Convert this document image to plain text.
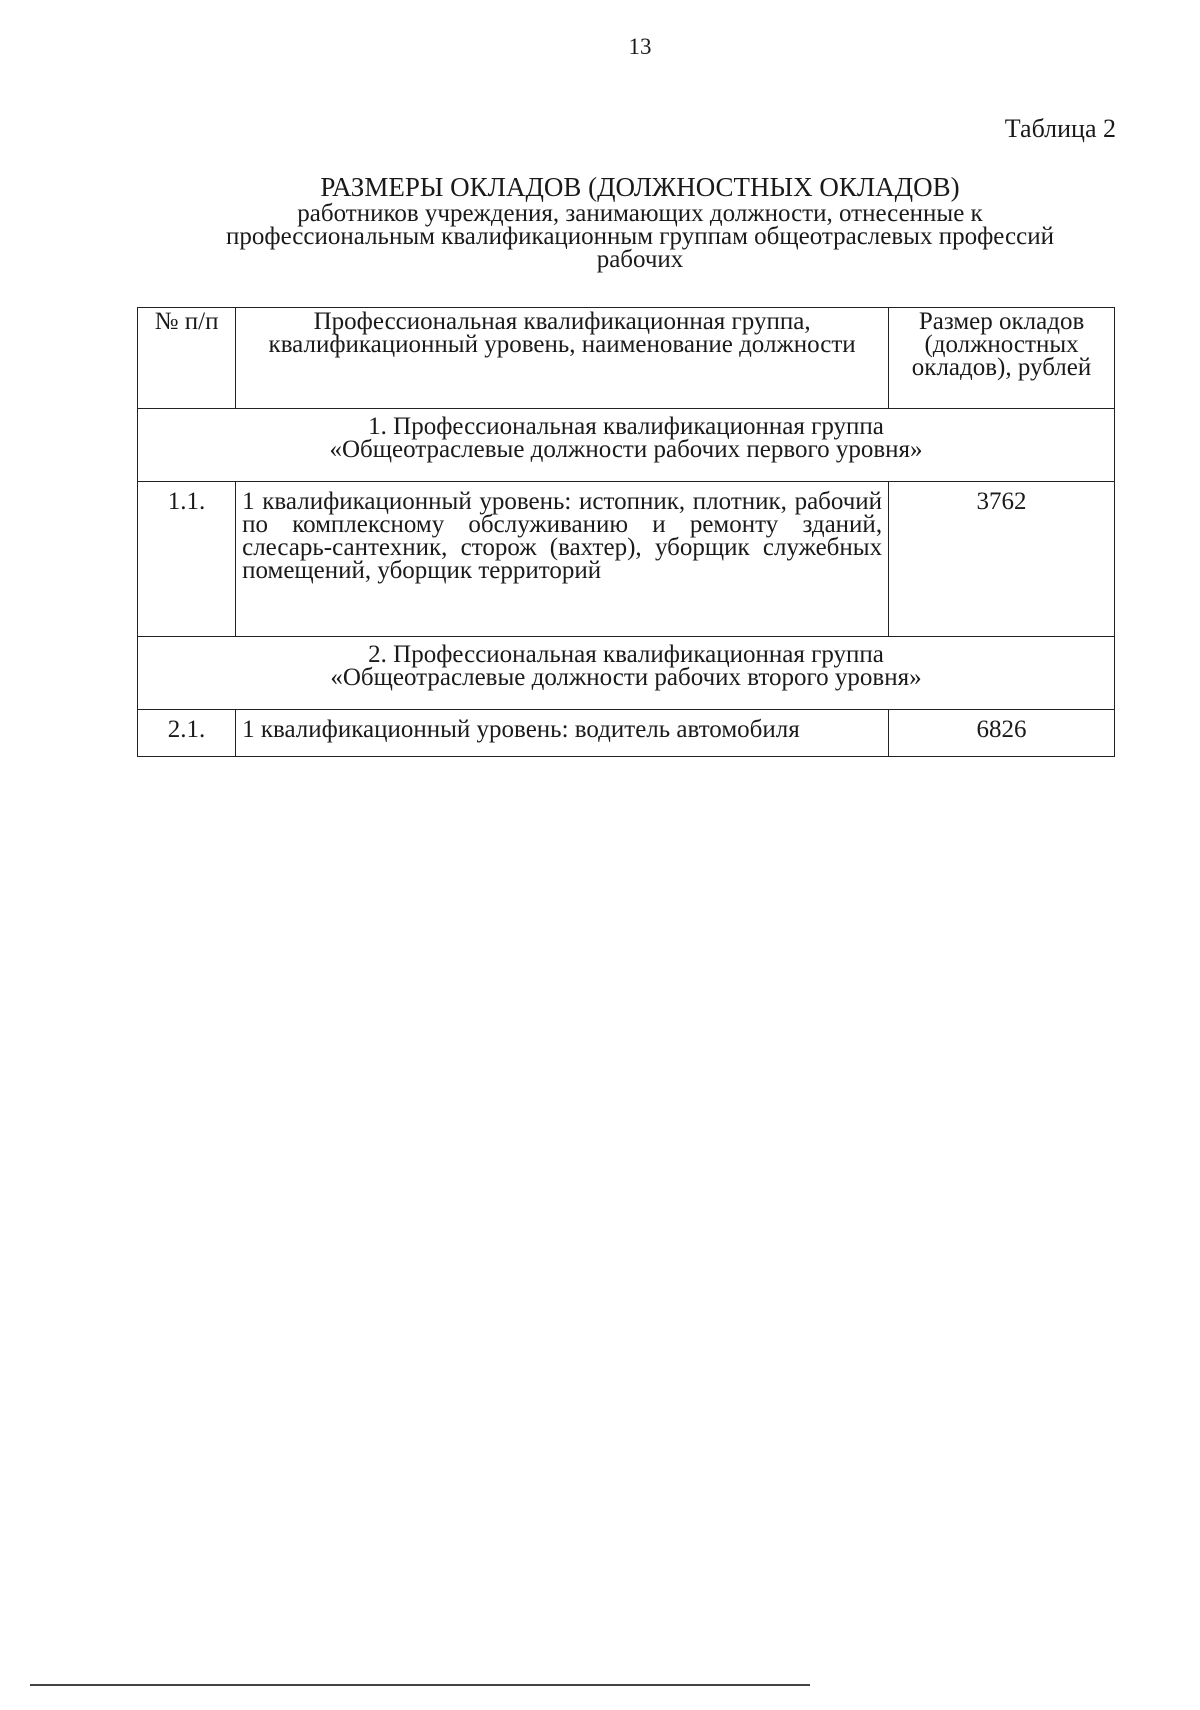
13
Таблица 2
РАЗМЕРЫ ОКЛАДОВ (ДОЛЖНОСТНЫХ ОКЛАДОВ)
работников учреждения, занимающих должности, отнесенные к
профессиональным квалификационным группам общеотраслевых профессий
рабочих
№ п/п	Профессиональная квалификационная группа, квалификационный уровень, наименование должности	Размер окладов (должностных окладов), рублей

1. Профессиональная квалификационная группа
«Общеотраслевые должности рабочих первого уровня»		

1.1.	1 квалификационный уровень: истопник, плотник, рабочий по комплексному обслуживанию и ремонту зданий, слесарь-сантехник, сторож (вахтер), уборщик служебных помещений, уборщик территорий	3762

2. Профессиональная квалификационная группа
«Общеотраслевые должности рабочих второго уровня»		

2.1.	1 квалификационный уровень: водитель автомобиля	6826
